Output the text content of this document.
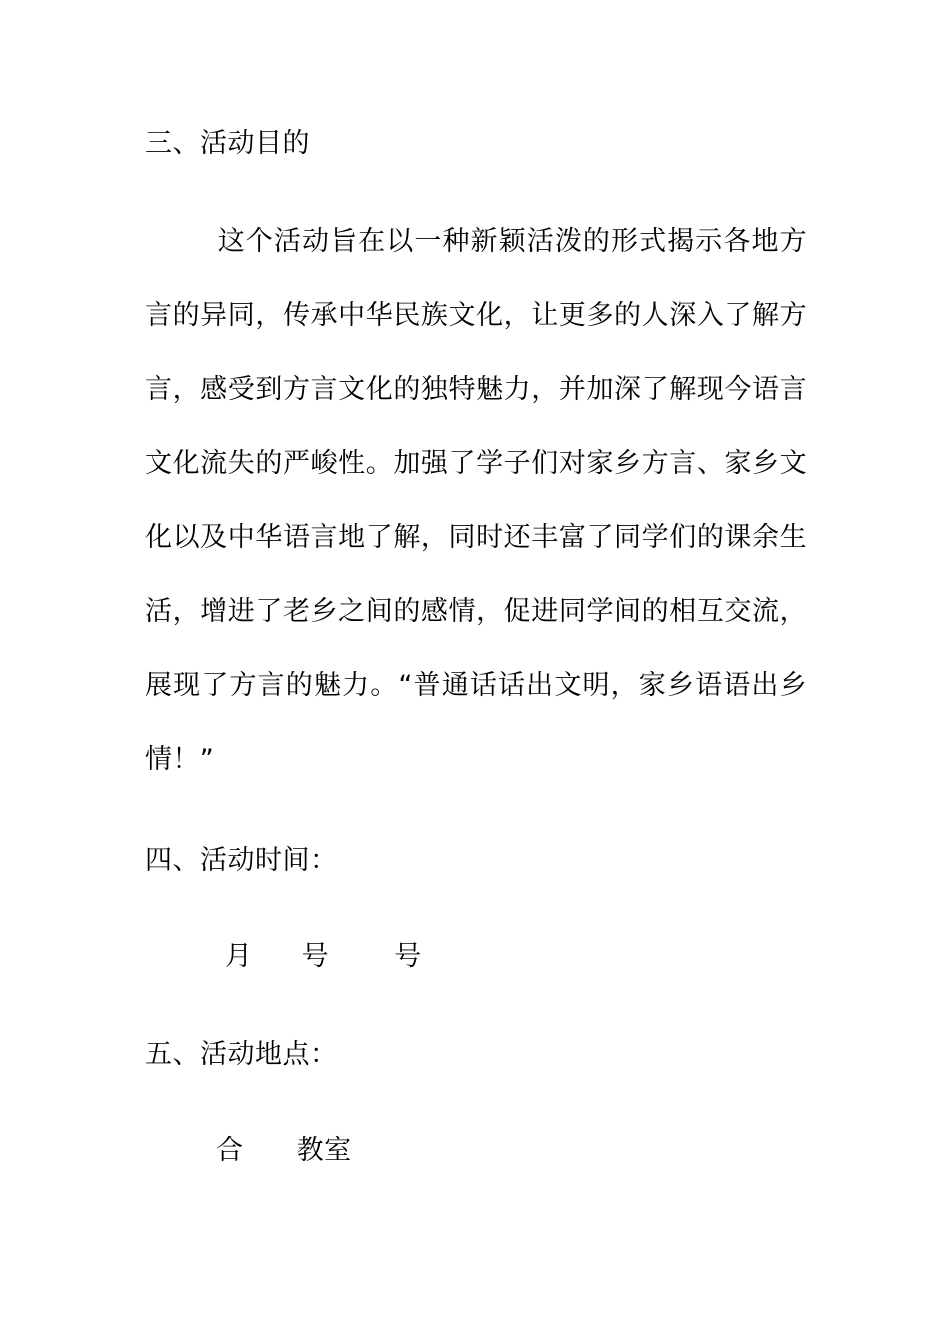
三、活动目的
这个活动旨在以一种新颖活泼的形式揭示各地方言的异同，传承中华民族文化，让更多的人深入了解方言，感受到方言文化的独特魅力，并加深了解现今语言文化流失的严峻性。加强了学子们对家乡方言、家乡文化以及中华语言地了解，同时还丰富了同学们的课余生活，增进了老乡之间的感情，促进同学间的相互交流，展现了方言的魅力。“普通话话出文明，家乡语语出乡情！”
四、活动时间：
月 号 号
五、活动地点：
合 教室
